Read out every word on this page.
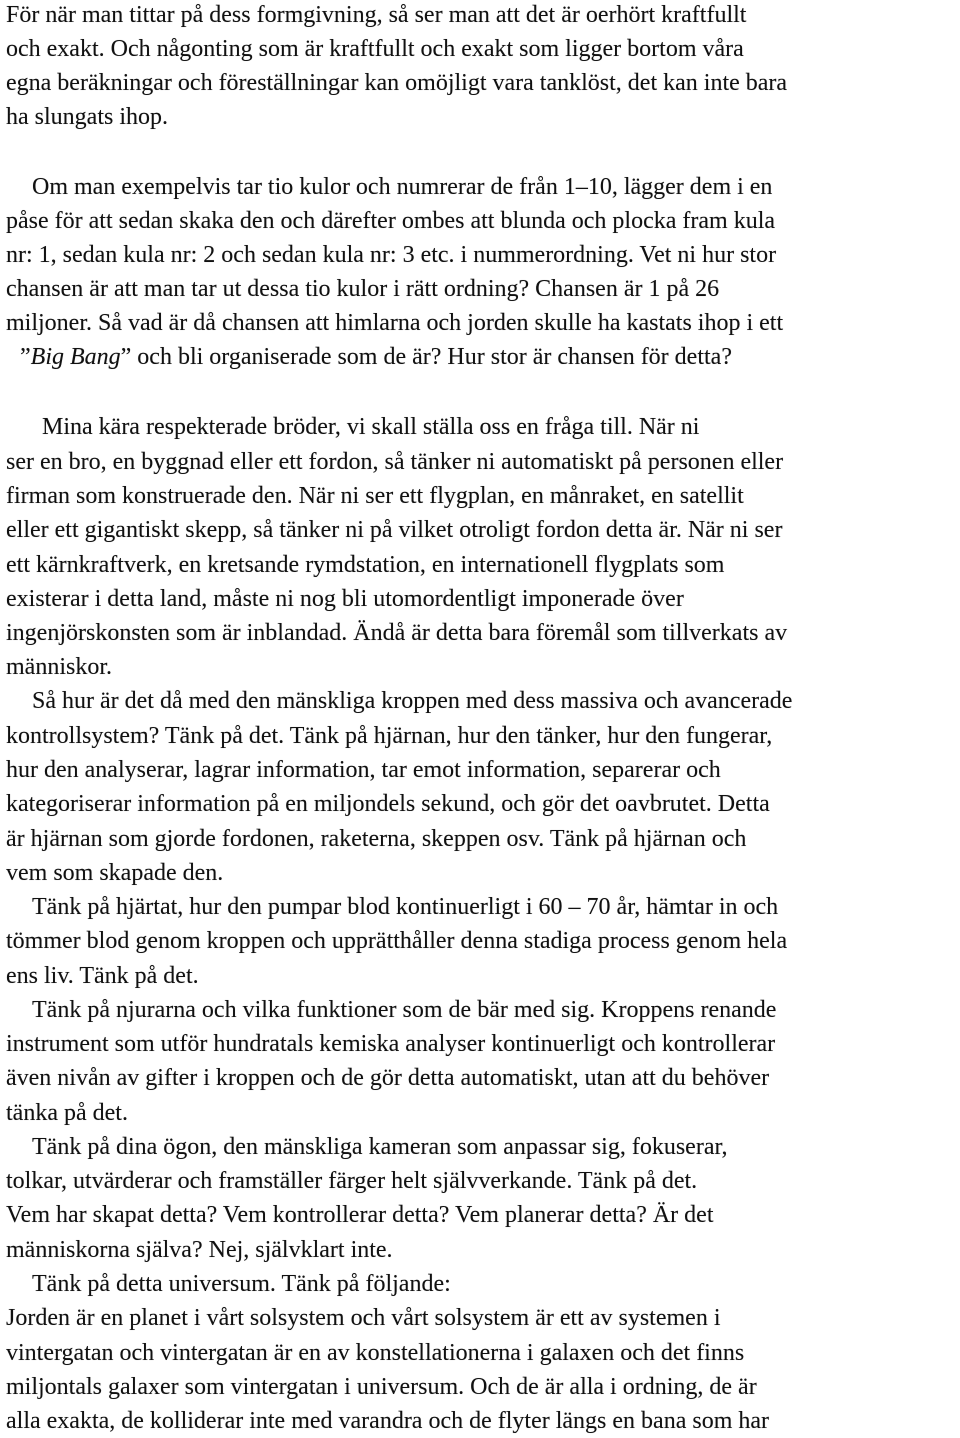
För när man tittar på dess formgivning, så ser man att det är oerhört kraftfullt
och exakt. Och någonting som är kraftfullt och exakt som ligger bortom våra
egna beräkningar och föreställningar kan omöjligt vara tanklöst, det kan inte bara
ha slungats ihop.
Om man exempelvis tar tio kulor och numrerar de från 1–10, lägger dem i en
påse för att sedan skaka den och därefter ombes att blunda och plocka fram kula
nr: 1, sedan kula nr: 2 och sedan kula nr: 3 etc. i nummerordning. Vet ni hur stor
chansen är att man tar ut dessa tio kulor i rätt ordning? Chansen är 1 på 26
miljoner. Så vad är då chansen att himlarna och jorden skulle ha kastats ihop i ett
”Big Bang” och bli organiserade som de är? Hur stor är chansen för detta?
Mina kära respekterade bröder, vi skall ställa oss en fråga till. När ni
ser en bro, en byggnad eller ett fordon, så tänker ni automatiskt på personen eller
firman som konstruerade den. När ni ser ett flygplan, en månraket, en satellit
eller ett gigantiskt skepp, så tänker ni på vilket otroligt fordon detta är. När ni ser
ett kärnkraftverk, en kretsande rymdstation, en internationell flygplats som
existerar i detta land, måste ni nog bli utomordentligt imponerade över
ingenjörskonsten som är inblandad. Ändå är detta bara föremål som tillverkats av
människor.
Så hur är det då med den mänskliga kroppen med dess massiva och avancerade
kontrollsystem? Tänk på det. Tänk på hjärnan, hur den tänker, hur den fungerar,
hur den analyserar, lagrar information, tar emot information, separerar och
kategoriserar information på en miljondels sekund, och gör det oavbrutet. Detta
är hjärnan som gjorde fordonen, raketerna, skeppen osv. Tänk på hjärnan och
vem som skapade den.
Tänk på hjärtat, hur den pumpar blod kontinuerligt i 60 – 70 år, hämtar in och
tömmer blod genom kroppen och upprätthåller denna stadiga process genom hela
ens liv. Tänk på det.
Tänk på njurarna och vilka funktioner som de bär med sig. Kroppens renande
instrument som utför hundratals kemiska analyser kontinuerligt och kontrollerar
även nivån av gifter i kroppen och de gör detta automatiskt, utan att du behöver
tänka på det.
Tänk på dina ögon, den mänskliga kameran som anpassar sig, fokuserar,
tolkar, utvärderar och framställer färger helt självverkande. Tänk på det.
Vem har skapat detta? Vem kontrollerar detta? Vem planerar detta? Är det
människorna själva? Nej, självklart inte.
Tänk på detta universum. Tänk på följande:
Jorden är en planet i vårt solsystem och vårt solsystem är ett av systemen i
vintergatan och vintergatan är en av konstellationerna i galaxen och det finns
miljontals galaxer som vintergatan i universum. Och de är alla i ordning, de är
alla exakta, de kolliderar inte med varandra och de flyter längs en bana som har
